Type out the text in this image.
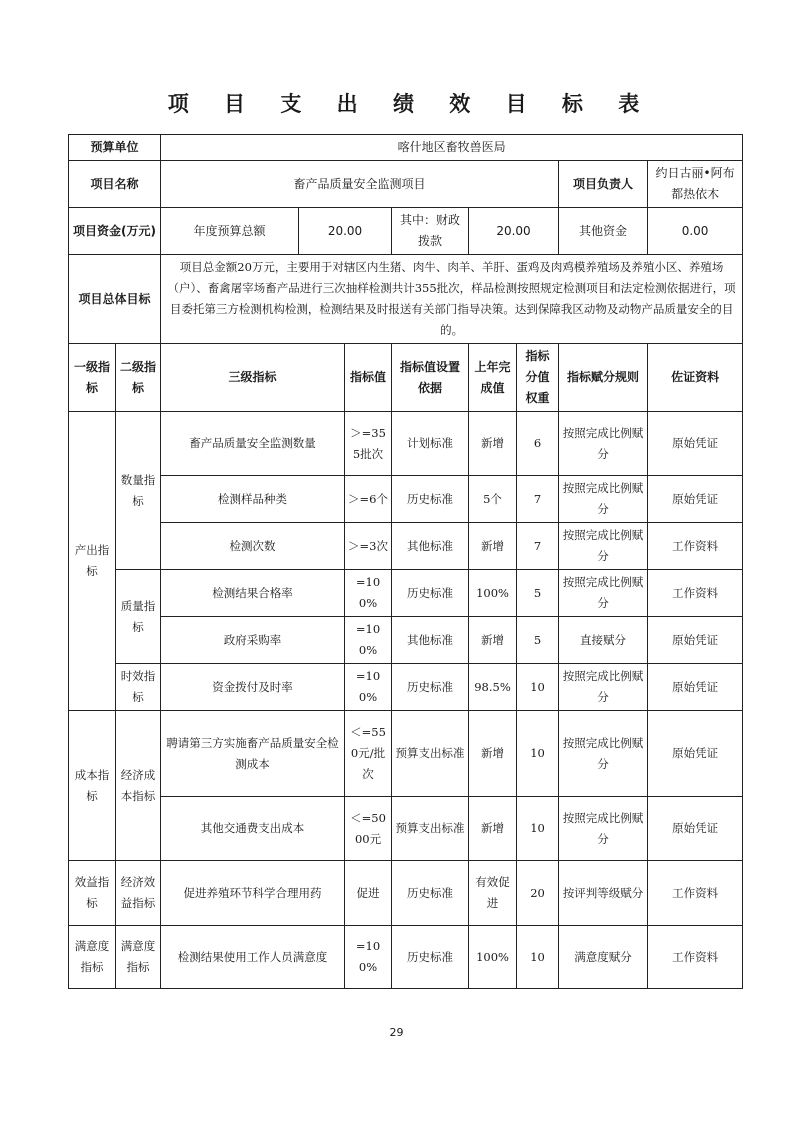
项 目 支 出 绩 效 目 标 表
预算单位		喀什地区畜牧兽医局							
项目名称		畜产品质量安全监测项目						项目负责人	约日古丽•阿布都热依木
项目资金(万元)		年度预算总额	20.00		其中：财政拨款	20.00		其他资金	0.00
项目总体目标		项目总金额20万元，主要用于对辖区内生猪、肉牛、肉羊、羊肝、蛋鸡及肉鸡模养殖场及养殖小区、养殖场（户）、畜禽屠宰场畜产品进行三次抽样检测共计355批次，样品检测按照规定检测项目和法定检测依据进行，项目委托第三方检测机构检测，检测结果及时报送有关部门指导决策。达到保障我区动物及动物产品质量安全的目的。							
一级指标	二级指标	三级指标		指标值	指标值设置依据	上年完成值	指标分值权重	指标赋分规则	佐证资料
产出指标	数量指标	畜产品质量安全监测数量		＞=355批次	计划标准	新增	6	按照完成比例赋分	原始凭证
		检测样品种类		＞=6个	历史标准	5个	7	按照完成比例赋分	原始凭证
		检测次数		＞=3次	其他标准	新增	7	按照完成比例赋分	工作资料
	质量指标	检测结果合格率		=100%	历史标准	100%	5	按照完成比例赋分	工作资料
		政府采购率		=100%	其他标准	新增	5	直接赋分	原始凭证
	时效指标	资金拨付及时率		=100%	历史标准	98.5%	10	按照完成比例赋分	原始凭证
成本指标	经济成本指标	聘请第三方实施畜产品质量安全检测成本		＜=550元/批次	预算支出标准	新增	10	按照完成比例赋分	原始凭证
		其他交通费支出成本		＜=5000元	预算支出标准	新增	10	按照完成比例赋分	原始凭证
效益指标	经济效益指标	促进养殖环节科学合理用药		促进	历史标准	有效促进	20	按评判等级赋分	工作资料
满意度指标	满意度指标	检测结果使用工作人员满意度		=100%	历史标准	100%	10	满意度赋分	工作资料
29
